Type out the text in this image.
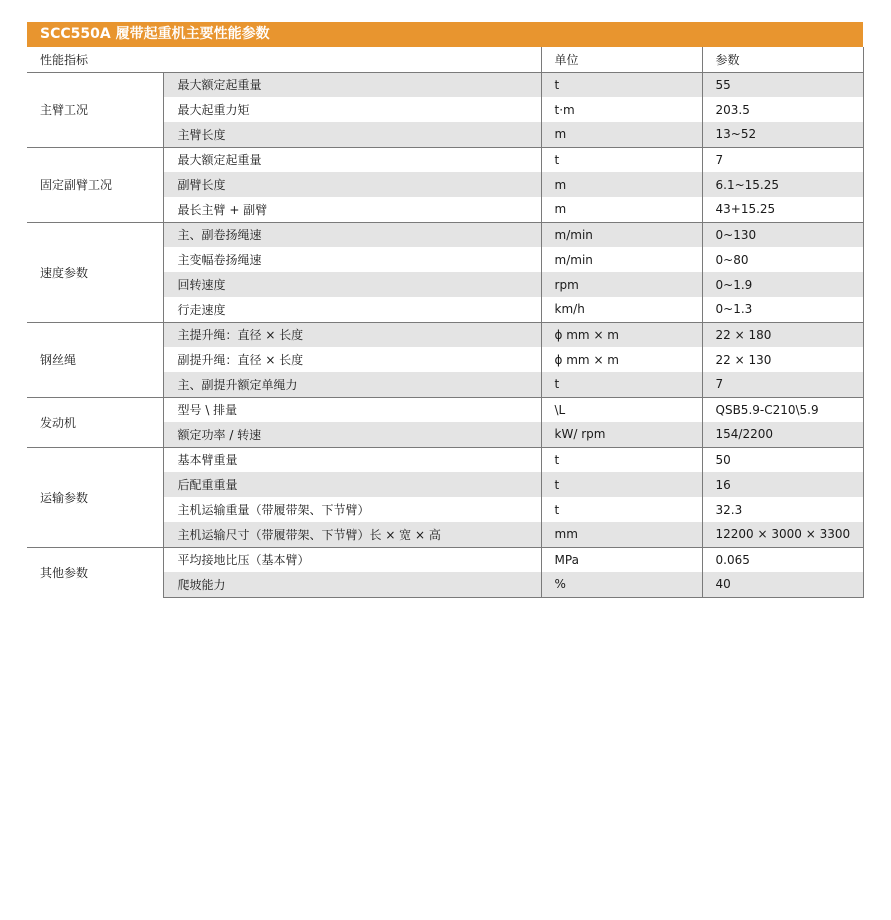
SCC550A 履带起重机主要性能参数
性能指标		单位	参数
主臂工况	最大额定起重量	t	55
	最大起重力矩	t·m	203.5
	主臂长度	m	13~52
固定副臂工况	最大额定起重量	t	7
	副臂长度	m	6.1~15.25
	最长主臂 + 副臂	m	43+15.25
速度参数	主、副卷扬绳速	m/min	0~130
	主变幅卷扬绳速	m/min	0~80
	回转速度	rpm	0~1.9
	行走速度	km/h	0~1.3
钢丝绳	主提升绳：直径 × 长度	ϕ mm × m	22 × 180
	副提升绳：直径 × 长度	ϕ mm × m	22 × 130
	主、副提升额定单绳力	t	7
发动机	型号 \ 排量	\L	QSB5.9-C210\5.9
	额定功率 / 转速	kW/ rpm	154/2200
运输参数	基本臂重量	t	50
	后配重重量	t	16
	主机运输重量（带履带架、下节臂）	t	32.3
	主机运输尺寸（带履带架、下节臂）长 × 宽 × 高	mm	12200 × 3000 × 3300
其他参数	平均接地比压（基本臂）	MPa	0.065
	爬坡能力	%	40
